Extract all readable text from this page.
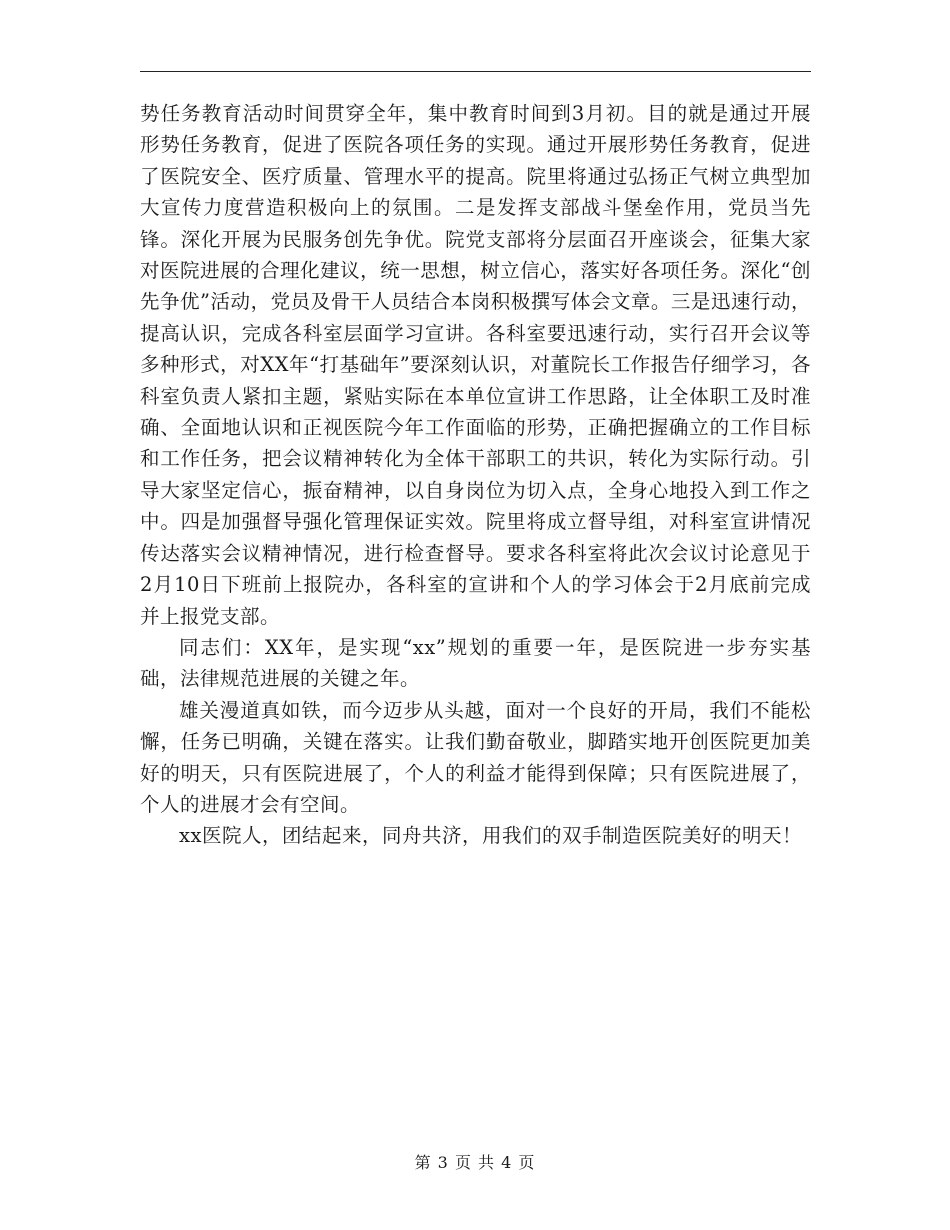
势任务教育活动时间贯穿全年，集中教育时间到3月初。目的就是通过开展形势任务教育，促进了医院各项任务的实现。通过开展形势任务教育，促进了医院安全、医疗质量、管理水平的提高。院里将通过弘扬正气树立典型加大宣传力度营造积极向上的氛围。二是发挥支部战斗堡垒作用，党员当先锋。深化开展为民服务创先争优。院党支部将分层面召开座谈会，征集大家对医院进展的合理化建议，统一思想，树立信心，落实好各项任务。深化“创先争优”活动，党员及骨干人员结合本岗积极撰写体会文章。三是迅速行动，提高认识，完成各科室层面学习宣讲。各科室要迅速行动，实行召开会议等多种形式，对XX年“打基础年”要深刻认识，对董院长工作报告仔细学习，各科室负责人紧扣主题，紧贴实际在本单位宣讲工作思路，让全体职工及时准确、全面地认识和正视医院今年工作面临的形势，正确把握确立的工作目标和工作任务，把会议精神转化为全体干部职工的共识，转化为实际行动。引导大家坚定信心，振奋精神，以自身岗位为切入点，全身心地投入到工作之中。四是加强督导强化管理保证实效。院里将成立督导组，对科室宣讲情况传达落实会议精神情况，进行检查督导。要求各科室将此次会议讨论意见于2月10日下班前上报院办，各科室的宣讲和个人的学习体会于2月底前完成并上报党支部。

同志们：XX年，是实现“xx”规划的重要一年，是医院进一步夯实基础，法律规范进展的关键之年。

雄关漫道真如铁，而今迈步从头越，面对一个良好的开局，我们不能松懈，任务已明确，关键在落实。让我们勤奋敬业，脚踏实地开创医院更加美好的明天，只有医院进展了，个人的利益才能得到保障；只有医院进展了，个人的进展才会有空间。

xx医院人，团结起来，同舟共济，用我们的双手制造医院美好的明天！

第 3 页 共 4 页
